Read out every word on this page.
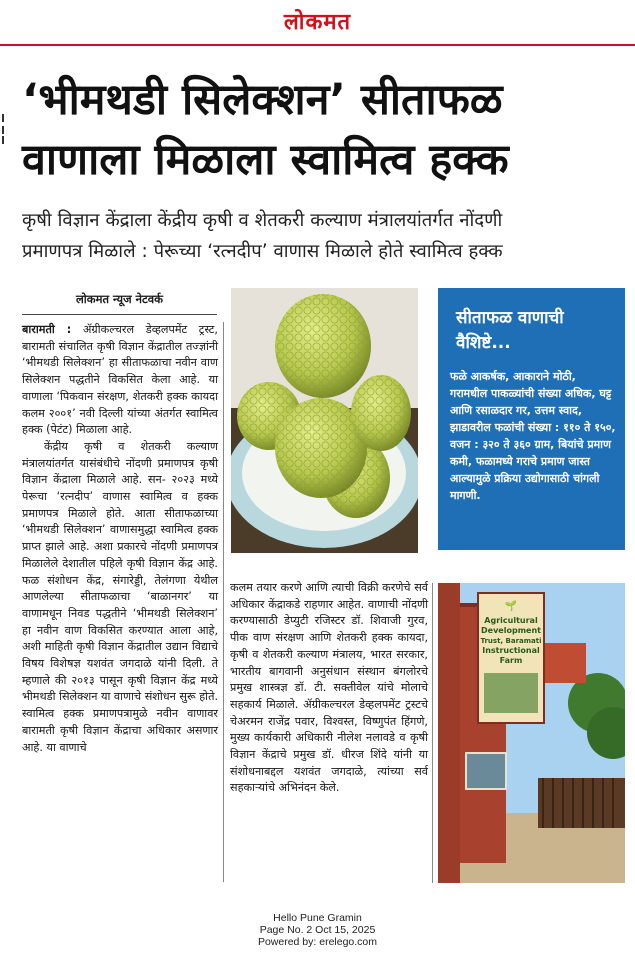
लोकमत
‘भीमथडी सिलेक्शन’ सीताफळ
वाणाला मिळाला स्वामित्व हक्क
कृषी विज्ञान केंद्राला केंद्रीय कृषी व शेतकरी कल्याण मंत्रालयांतर्गत नोंदणी
प्रमाणपत्र मिळाले : पेरूच्या ‘रत्नदीप’ वाणास मिळाले होते स्वामित्व हक्क
लोकमत न्यूज नेटवर्क

बारामती : ॲग्रीकल्चरल डेव्हलपमेंट ट्रस्ट, बारामती संचालित कृषी विज्ञान केंद्रातील तज्ज्ञांनी ‘भीमथडी सिलेक्शन’ हा सीताफळाचा नवीन वाण सिलेक्शन पद्धतीने विकसित केला आहे. या वाणाला ‘पिकवान संरक्षण, शेतकरी हक्क कायदा कलम २००१’ नवी दिल्ली यांच्या अंतर्गत स्वामित्व हक्क (पेटंट) मिळाला आहे.

केंद्रीय कृषी व शेतकरी कल्याण मंत्रालयांतर्गत यासंबंधीचे नोंदणी प्रमाणपत्र कृषी विज्ञान केंद्राला मिळाले आहे. सन- २०२३ मध्ये पेरूचा ‘रत्नदीप’ वाणास स्वामित्व व हक्क प्रमाणपत्र मिळाले होते. आता सीताफळाच्या ‘भीमथडी सिलेक्शन’ वाणासमुद्धा स्वामित्व हक्क प्राप्त झाले आहे. अशा प्रकारचे नोंदणी प्रमाणपत्र मिळालेले देशातील पहिले कृषी विज्ञान केंद्र आहे. फळ संशोधन केंद्र, संगारेड्डी, तेलंगणा येथील आणलेल्या सीताफळाचा ‘बाळानगर’ या वाणामधून निवड पद्धतीने ‘भीमथडी सिलेक्शन’ हा नवीन वाण विकसित करण्यात आला आहे, अशी माहिती कृषी विज्ञान केंद्रातील उद्यान विद्याचे विषय विशेषज्ञ यशवंत जगदाळे यांनी दिली. ते म्हणाले की २०१३ पासून कृषी विज्ञान केंद्र मध्ये भीमथडी सिलेक्शन या वाणाचे संशोधन सुरू होते. स्वामित्व हक्क प्रमाणपत्रामुळे नवीन वाणावर बारामती कृषी विज्ञान केंद्राचा अधिकार असणार आहे. या वाणाचे

सीताफळ वाणाची वैशिष्टे...
फळे आकर्षक, आकाराने मोठी, गरामधील पाकळ्यांची संख्या अधिक, घट्ट आणि रसाळदार गर, उत्तम स्वाद, झाडावरील फळांची संख्या : ११० ते १५०, वजन : ३२० ते ३६० ग्राम, बियांचे प्रमाण कमी, फळामध्ये गराचे प्रमाण जास्त आल्यामुळे प्रक्रिया उद्योगासाठी चांगली मागणी.

कलम तयार करणे आणि त्याची विक्री करणेचे सर्व अधिकार केंद्राकडे राहणार आहेत. वाणाची नोंदणी करण्यासाठी डेप्युटी रजिस्टर डॉ. शिवाजी गुरव, पीक वाण संरक्षण आणि शेतकरी हक्क कायदा, कृषी व शेतकरी कल्याण मंत्रालय, भारत सरकार, भारतीय बागवानी अनुसंधान संस्थान बंगलोरचे प्रमुख शास्त्रज्ञ डॉ. टी. सक्तीवेल यांचे मोलाचे सहकार्य मिळाले. ॲग्रीकल्चरल डेव्हलपमेंट ट्रस्टचे चेअरमन राजेंद्र पवार, विश्वस्त, विष्णुपंत हिंगणे, मुख्य कार्यकारी अधिकारी नीलेश नलावडे व कृषी विज्ञान केंद्राचे प्रमुख डॉ. धीरज शिंदे यांनी या संशोधनाबद्दल यशवंत जगदाळे, त्यांच्या सर्व सहकाऱ्यांचे अभिनंदन केले.

🌱
Agricultural
Development
Trust, Baramati
Instructional
Farm
Hello Pune Gramin
Page No. 2 Oct 15, 2025
Powered by: erelego.com
